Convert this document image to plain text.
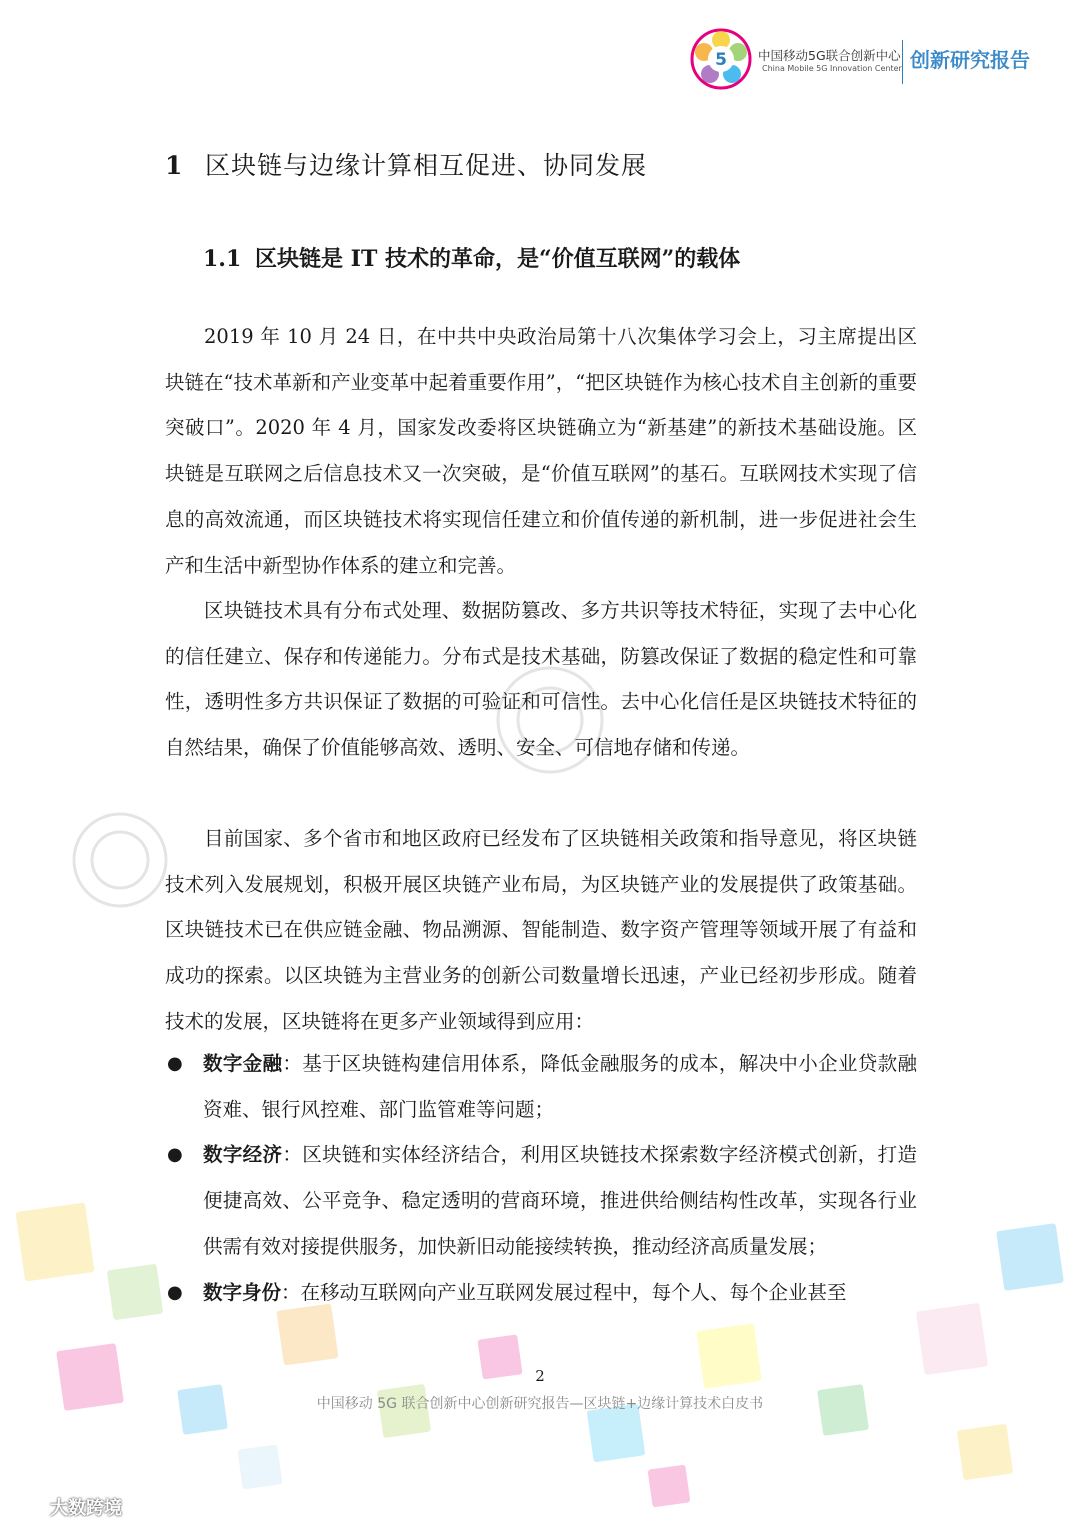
5 中国移动5G联合创新中心
China Mobile 5G Innovation Center 创新研究报告
1 区块链与边缘计算相互促进、协同发展
1.1 区块链是 IT 技术的革命，是“价值互联网”的载体

2019 年 10 月 24 日，在中共中央政治局第十八次集体学习会上，习主席提出区块链在“技术革新和产业变革中起着重要作用”，“把区块链作为核心技术自主创新的重要突破口”。2020 年 4 月，国家发改委将区块链确立为“新基建”的新技术基础设施。区块链是互联网之后信息技术又一次突破，是“价值互联网”的基石。互联网技术实现了信息的高效流通，而区块链技术将实现信任建立和价值传递的新机制，进一步促进社会生产和生活中新型协作体系的建立和完善。

区块链技术具有分布式处理、数据防篡改、多方共识等技术特征，实现了去中心化的信任建立、保存和传递能力。分布式是技术基础，防篡改保证了数据的稳定性和可靠性，透明性多方共识保证了数据的可验证和可信性。去中心化信任是区块链技术特征的自然结果，确保了价值能够高效、透明、安全、可信地存储和传递。

目前国家、多个省市和地区政府已经发布了区块链相关政策和指导意见，将区块链技术列入发展规划，积极开展区块链产业布局，为区块链产业的发展提供了政策基础。区块链技术已在供应链金融、物品溯源、智能制造、数字资产管理等领域开展了有益和成功的探索。以区块链为主营业务的创新公司数量增长迅速，产业已经初步形成。随着技术的发展，区块链将在更多产业领域得到应用：

● 数字金融：基于区块链构建信用体系，降低金融服务的成本，解决中小企业贷款融资难、银行风控难、部门监管难等问题；

● 数字经济：区块链和实体经济结合，利用区块链技术探索数字经济模式创新，打造便捷高效、公平竞争、稳定透明的营商环境，推进供给侧结构性改革，实现各行业供需有效对接提供服务，加快新旧动能接续转换，推动经济高质量发展；

● 数字身份：在移动互联网向产业互联网发展过程中，每个人、每个企业甚至

2
中国移动 5G 联合创新中心创新研究报告—区块链+边缘计算技术白皮书
大数跨境
